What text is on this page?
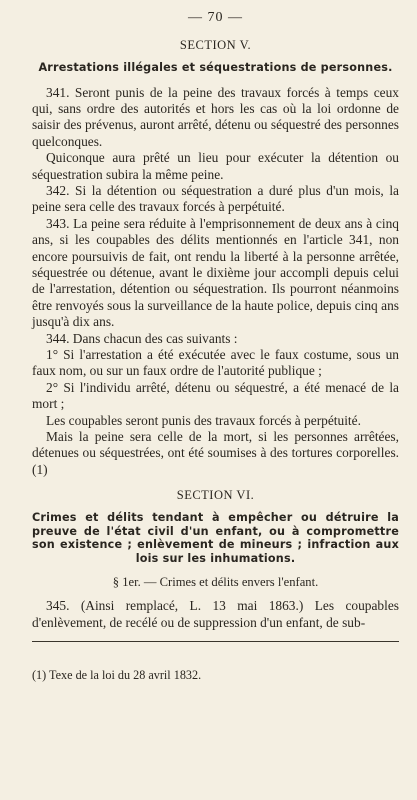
— 70 —
SECTION V.
Arrestations illégales et séquestrations de personnes.

341. Seront punis de la peine des travaux forcés à temps ceux qui, sans ordre des autorités et hors les cas où la loi ordonne de saisir des prévenus, auront arrêté, détenu ou séquestré des personnes quelconques.

Quiconque aura prêté un lieu pour exécuter la détention ou séquestration subira la même peine.

342. Si la détention ou séquestration a duré plus d'un mois, la peine sera celle des travaux forcés à perpétuité.

343. La peine sera réduite à l'emprisonnement de deux ans à cinq ans, si les coupables des délits mentionnés en l'article 341, non encore poursuivis de fait, ont rendu la liberté à la personne arrêtée, séquestrée ou détenue, avant le dixième jour accompli depuis celui de l'arrestation, détention ou séquestration. Ils pourront néanmoins être renvoyés sous la surveillance de la haute police, depuis cinq ans jusqu'à dix ans.

344. Dans chacun des cas suivants :

1° Si l'arrestation a été exécutée avec le faux costume, sous un faux nom, ou sur un faux ordre de l'autorité publique ;

2° Si l'individu arrêté, détenu ou séquestré, a été menacé de la mort ;

Les coupables seront punis des travaux forcés à perpétuité.

Mais la peine sera celle de la mort, si les personnes arrêtées, détenues ou séquestrées, ont été soumises à des tortures corporelles. (1)

SECTION VI.
Crimes et délits tendant à empêcher ou détruire la preuve de l'état civil d'un enfant, ou à compromettre son existence ; enlèvement de mineurs ; infraction aux lois sur les inhumations.
§ 1er. — Crimes et délits envers l'enfant.

345. (Ainsi remplacé, L. 13 mai 1863.) Les coupables d'enlèvement, de recélé ou de suppression d'un enfant, de sub-

(1) Texe de la loi du 28 avril 1832.
